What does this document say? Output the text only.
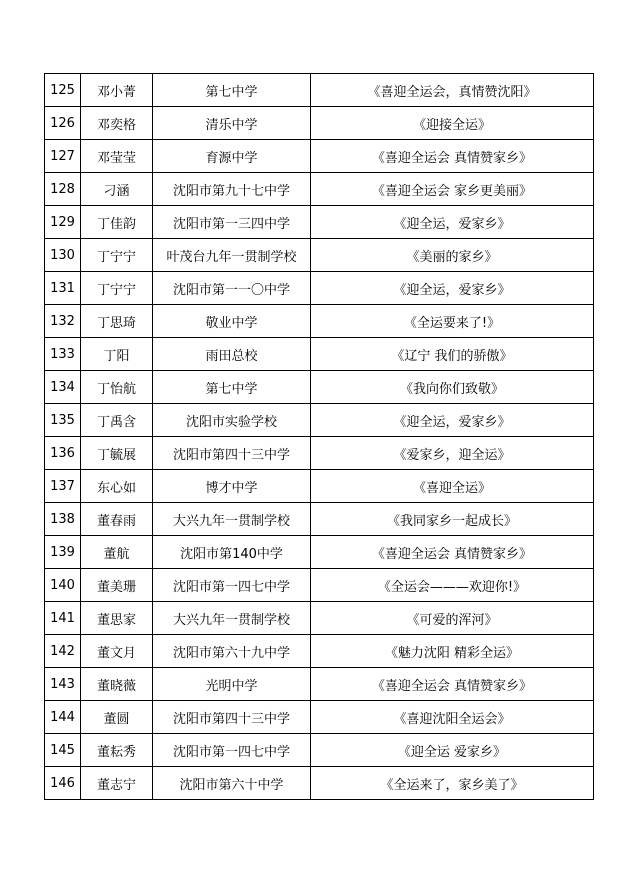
125	邓小菁	第七中学	《喜迎全运会，真情赞沈阳》
126	邓奕格	清乐中学	《迎接全运》
127	邓莹莹	育源中学	《喜迎全运会 真情赞家乡》
128	刁涵	沈阳市第九十七中学	《喜迎全运会 家乡更美丽》
129	丁佳韵	沈阳市第一三四中学	《迎全运，爱家乡》
130	丁宁宁	叶茂台九年一贯制学校	《美丽的家乡》
131	丁宁宁	沈阳市第一一〇中学	《迎全运，爱家乡》
132	丁思琦	敬业中学	《全运要来了!》
133	丁阳	雨田总校	《辽宁 我们的骄傲》
134	丁怡航	第七中学	《我向你们致敬》
135	丁禹含	沈阳市实验学校	《迎全运，爱家乡》
136	丁毓展	沈阳市第四十三中学	《爱家乡，迎全运》
137	东心如	博才中学	《喜迎全运》
138	董春雨	大兴九年一贯制学校	《我同家乡一起成长》
139	董航	沈阳市第140中学	《喜迎全运会 真情赞家乡》
140	董美珊	沈阳市第一四七中学	《全运会———欢迎你!》
141	董思家	大兴九年一贯制学校	《可爱的浑河》
142	董文月	沈阳市第六十九中学	《魅力沈阳 精彩全运》
143	董晓薇	光明中学	《喜迎全运会 真情赞家乡》
144	董圆	沈阳市第四十三中学	《喜迎沈阳全运会》
145	董耘秀	沈阳市第一四七中学	《迎全运 爱家乡》
146	董志宁	沈阳市第六十中学	《全运来了，家乡美了》
